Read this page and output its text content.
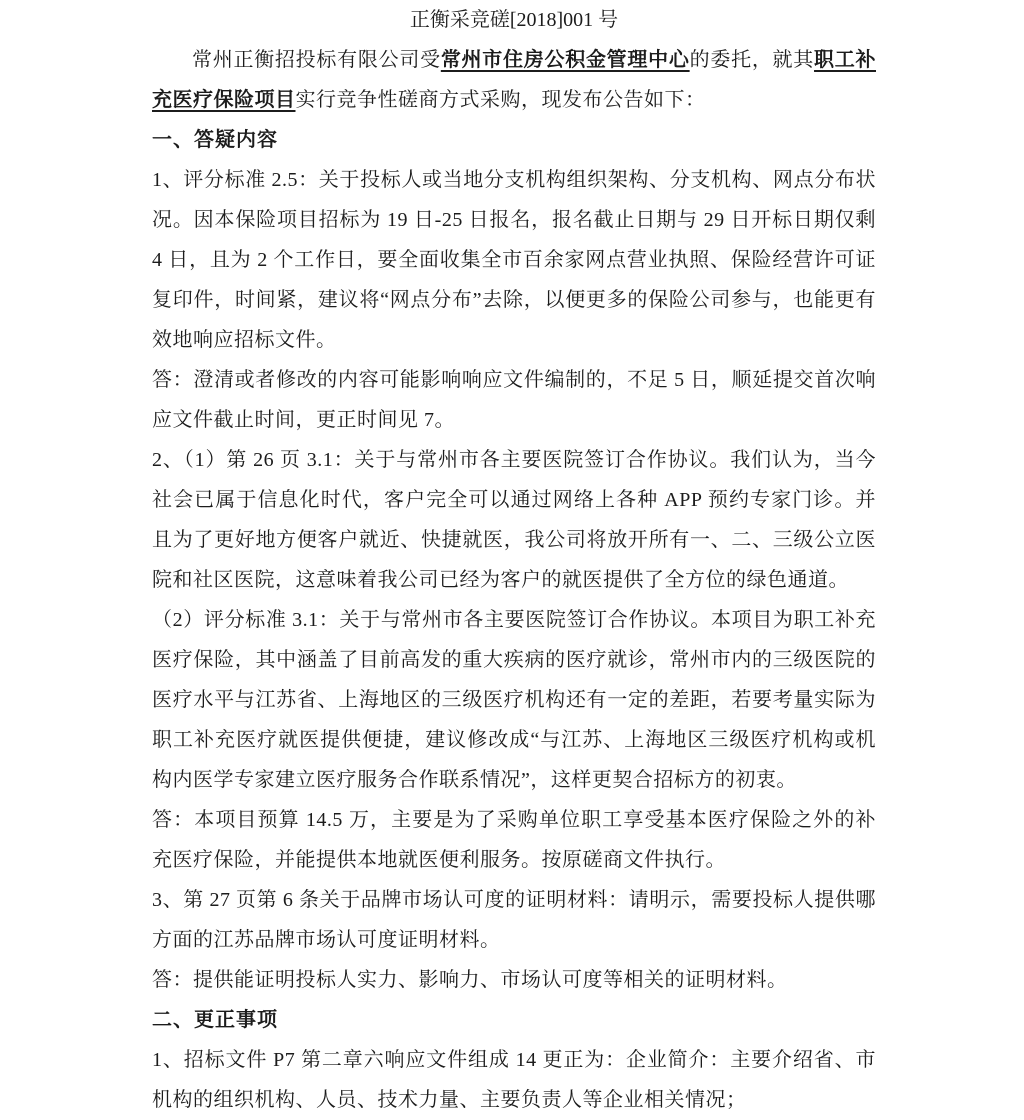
正衡采竞磋[2018]001 号

常州正衡招投标有限公司受常州市住房公积金管理中心的委托，就其职工补充医疗保险项目实行竞争性磋商方式采购，现发布公告如下：

一、答疑内容

1、评分标准 2.5：关于投标人或当地分支机构组织架构、分支机构、网点分布状况。因本保险项目招标为 19 日-25 日报名，报名截止日期与 29 日开标日期仅剩 4 日，且为 2 个工作日，要全面收集全市百余家网点营业执照、保险经营许可证复印件，时间紧，建议将“网点分布”去除，以便更多的保险公司参与，也能更有效地响应招标文件。

答：澄清或者修改的内容可能影响响应文件编制的，不足 5 日，顺延提交首次响应文件截止时间，更正时间见 7。

2、（1）第 26 页 3.1：关于与常州市各主要医院签订合作协议。我们认为，当今社会已属于信息化时代，客户完全可以通过网络上各种 APP 预约专家门诊。并且为了更好地方便客户就近、快捷就医，我公司将放开所有一、二、三级公立医院和社区医院，这意味着我公司已经为客户的就医提供了全方位的绿色通道。

（2）评分标准 3.1：关于与常州市各主要医院签订合作协议。本项目为职工补充医疗保险，其中涵盖了目前高发的重大疾病的医疗就诊，常州市内的三级医院的医疗水平与江苏省、上海地区的三级医疗机构还有一定的差距，若要考量实际为职工补充医疗就医提供便捷，建议修改成“与江苏、上海地区三级医疗机构或机构内医学专家建立医疗服务合作联系情况”，这样更契合招标方的初衷。

答：本项目预算 14.5 万，主要是为了采购单位职工享受基本医疗保险之外的补充医疗保险，并能提供本地就医便利服务。按原磋商文件执行。

3、第 27 页第 6 条关于品牌市场认可度的证明材料：请明示，需要投标人提供哪方面的江苏品牌市场认可度证明材料。

答：提供能证明投标人实力、影响力、市场认可度等相关的证明材料。

二、更正事项

1、招标文件 P7 第二章六响应文件组成 14 更正为：企业简介：主要介绍省、市机构的组织机构、人员、技术力量、主要负责人等企业相关情况；
